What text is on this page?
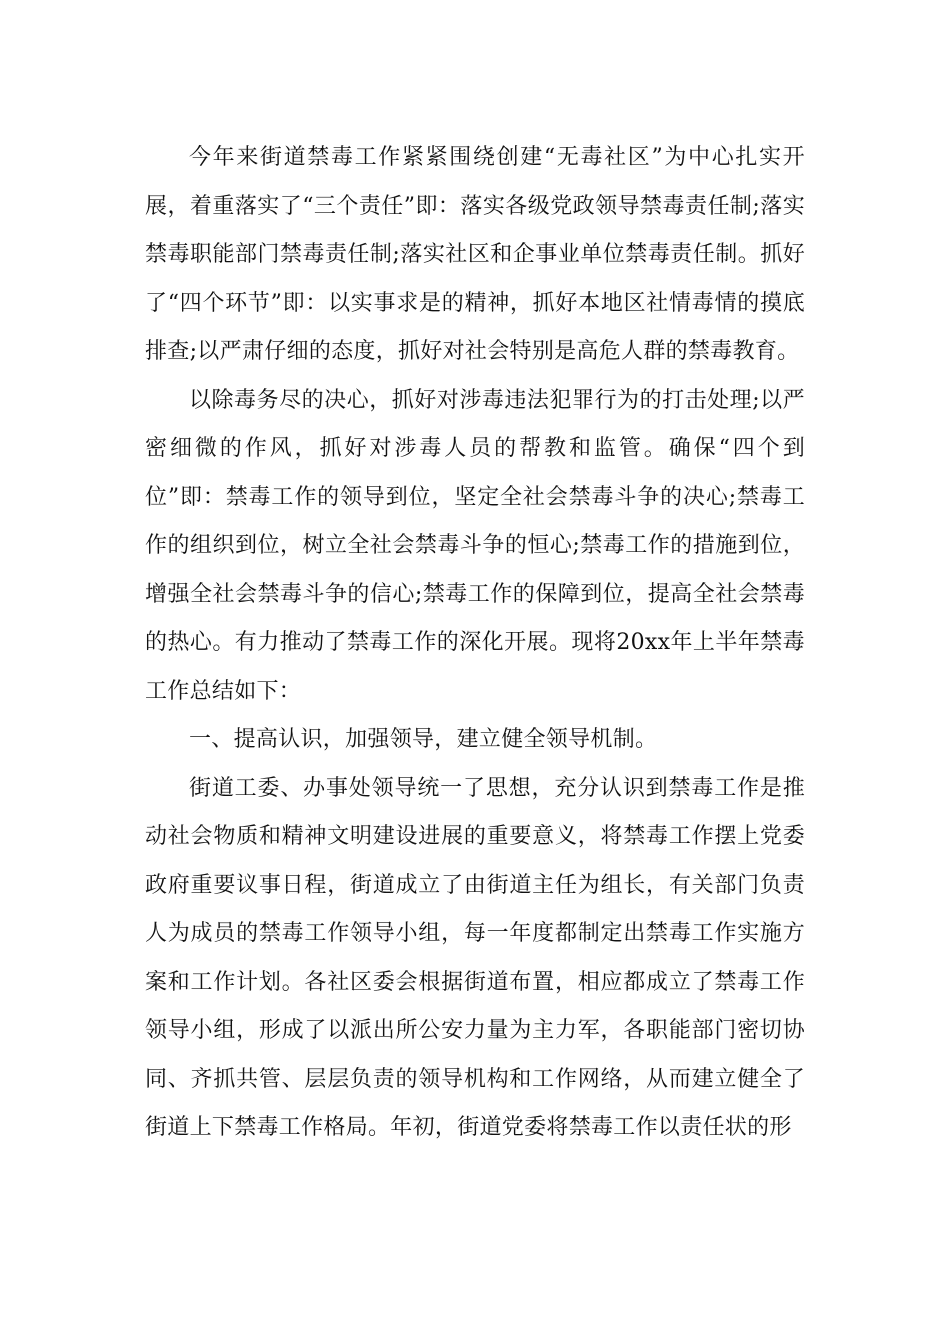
今年来街道禁毒工作紧紧围绕创建“无毒社区”为中心扎实开展，着重落实了“三个责任”即：落实各级党政领导禁毒责任制;落实禁毒职能部门禁毒责任制;落实社区和企事业单位禁毒责任制。抓好了“四个环节”即：以实事求是的精神，抓好本地区社情毒情的摸底排查;以严肃仔细的态度，抓好对社会特别是高危人群的禁毒教育。

以除毒务尽的决心，抓好对涉毒违法犯罪行为的打击处理;以严密细微的作风，抓好对涉毒人员的帮教和监管。确保“四个到位”即：禁毒工作的领导到位，坚定全社会禁毒斗争的决心;禁毒工作的组织到位，树立全社会禁毒斗争的恒心;禁毒工作的措施到位，增强全社会禁毒斗争的信心;禁毒工作的保障到位，提高全社会禁毒的热心。有力推动了禁毒工作的深化开展。现将20xx年上半年禁毒工作总结如下：

一、提高认识，加强领导，建立健全领导机制。

街道工委、办事处领导统一了思想，充分认识到禁毒工作是推动社会物质和精神文明建设进展的重要意义，将禁毒工作摆上党委政府重要议事日程，街道成立了由街道主任为组长，有关部门负责人为成员的禁毒工作领导小组，每一年度都制定出禁毒工作实施方案和工作计划。各社区委会根据街道布置，相应都成立了禁毒工作领导小组，形成了以派出所公安力量为主力军，各职能部门密切协同、齐抓共管、层层负责的领导机构和工作网络，从而建立健全了街道上下禁毒工作格局。年初，街道党委将禁毒工作以责任状的形
